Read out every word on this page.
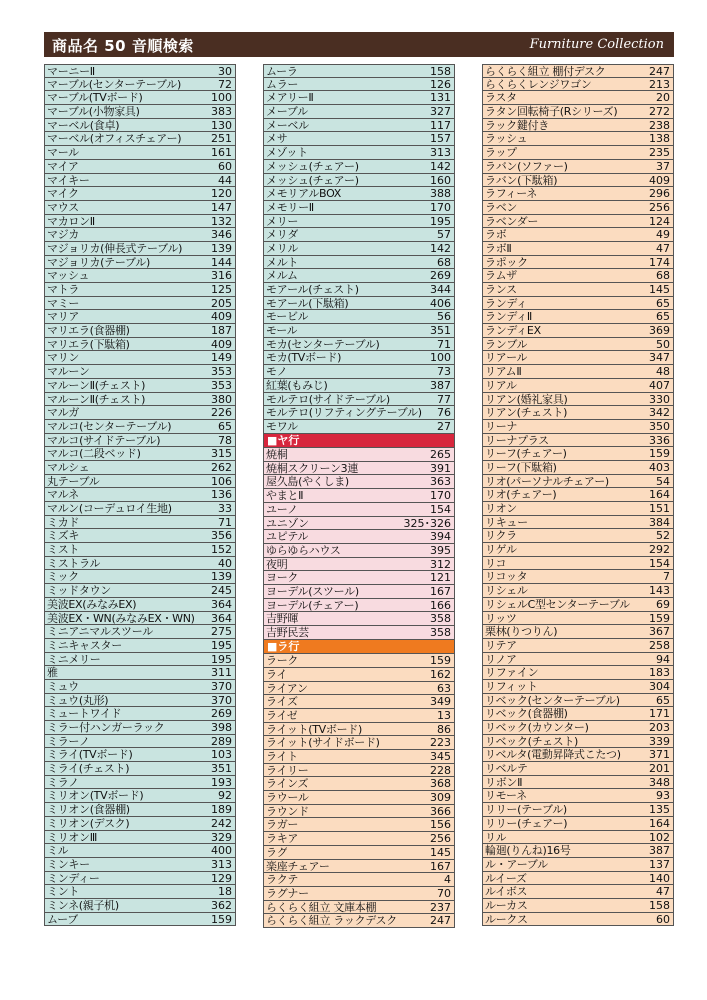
商品名 50 音順検索	Furniture Collection
マーニーⅡ	30
マーブル(センターテーブル)	72
マーブル(TVボード)	100
マーブル(小物家具)	383
マーベル(食卓)	130
マーベル(オフィスチェアー)	251
マール	161
マイア	60
マイキー	44
マイク	120
マウス	147
マカロンⅡ	132
マジカ	346
マジョリカ(伸長式テーブル)	139
マジョリカ(テーブル)	144
マッシュ	316
マトラ	125
マミー	205
マリア	409
マリエラ(食器棚)	187
マリエラ(下駄箱)	409
マリン	149
マルーン	353
マルーンⅡ(チェスト)	353
マルーンⅡ(チェスト)	380
マルガ	226
マルコ(センターテーブル)	65
マルコ(サイドテーブル)	78
マルコ(二段ベッド)	315
マルシェ	262
丸テーブル	106
マルネ	136
マルン(コーデュロイ生地)	33
ミカド	71
ミズキ	356
ミスト	152
ミストラル	40
ミック	139
ミッドタウン	245
美波EX(みなみEX)	364
美波EX・WN(みなみEX・WN) 364
ミニアニマルスツール	275
ミニキャスター	195
ミニメリー	195
雅	311
ミュウ	370
ミュウ(丸形)	370
ミュートワイド	269
ミラー付ハンガーラック	398
ミラーノ	289
ミライ(TVボード)	103
ミライ(チェスト)	351
ミラノ	193
ミリオン(TVボード)	92
ミリオン(食器棚)	189
ミリオン(デスク)	242
ミリオンⅢ	329
ミル	400
ミンキー	313
ミンディー	129
ミント	18
ミンネ(親子机)	362
ムーブ	159
ムーラ	158
ムラー	126
メアリーⅡ	131
メーブル	327
メーベル	117
メサ	157
メゾット	313
メッシュ(チェアー)	142
メッシュ(チェアー)	160
メモリアルBOX	388
メモリーⅡ	170
メリー	195
メリダ	57
メリル	142
メルト	68
メルム	269
モアール(チェスト)	344
モアール(下駄箱)	406
モービル	56
モール	351
モカ(センターテーブル)	71
モカ(TVボード)	100
モノ	73
紅葉(もみじ)	387
モルテロ(サイドテーブル)	77
モルテロ(リフティングテーブル) 76
モワル	27
■ヤ行
焼桐	265
焼桐スクリーン3連	391
屋久島(やくしま)	363
やまとⅡ	170
ユーノ	154
ユニゾン	325･326
ユピテル	394
ゆらゆらハウス	395
夜明	312
ヨーク	121
ヨーデル(スツール)	167
ヨーデル(チェアー)	166
吉野暉	358
吉野民芸	358
■ラ行
ラーク	159
ライ	162
ライアン	63
ライズ	349
ライゼ	13
ライット(TVボード)	86
ライット(サイドボード)	223
ライト	345
ライリー	228
ラインズ	368
ラウール	309
ラウンド	366
ラガー	156
ラキア	256
ラグ	145
楽座チェアー	167
ラクテ	4
ラグナー	70
らくらく組立 文庫本棚	237
らくらく組立 ラックデスク	247
らくらく組立 棚付デスク	247
らくらくレンジワゴン	213
ラスタ	20
ラタン回転椅子(Rシリーズ)	272
ラック鍵付き	238
ラッシュ	138
ラップ	235
ラバン(ソファー)	37
ラバン(下駄箱)	409
ラフィーネ	296
ラベン	256
ラベンダー	124
ラボ	49
ラボⅡ	47
ラポック	174
ラムザ	68
ランス	145
ランディ	65
ランディⅡ	65
ランディEX	369
ランブル	50
リアール	347
リアムⅡ	48
リアル	407
リアン(婚礼家具)	330
リアン(チェスト)	342
リーナ	350
リーナプラス	336
リーフ(チェアー)	159
リーフ(下駄箱)	403
リオ(パーソナルチェアー)	54
リオ(チェアー)	164
リオン	151
リキュー	384
リクラ	52
リゲル	292
リコ	154
リコッタ	7
リシェル	143
リシェルC型センターテーブル 69
リッツ	159
栗林(りつりん)	367
リテア	258
リノア	94
リファイン	183
リフィット	304
リベック(センターテーブル)	65
リベック(食器棚)	171
リベック(カウンター)	203
リベック(チェスト)	339
リベルタ(電動昇降式こたつ)	371
リベルテ	201
リボンⅡ	348
リモーネ	93
リリー(テーブル)	135
リリー(チェアー)	164
リル	102
輪廻(りんね)16号	387
ル・アーブル	137
ルイーズ	140
ルイボス	47
ルーカス	158
ルークス	60
